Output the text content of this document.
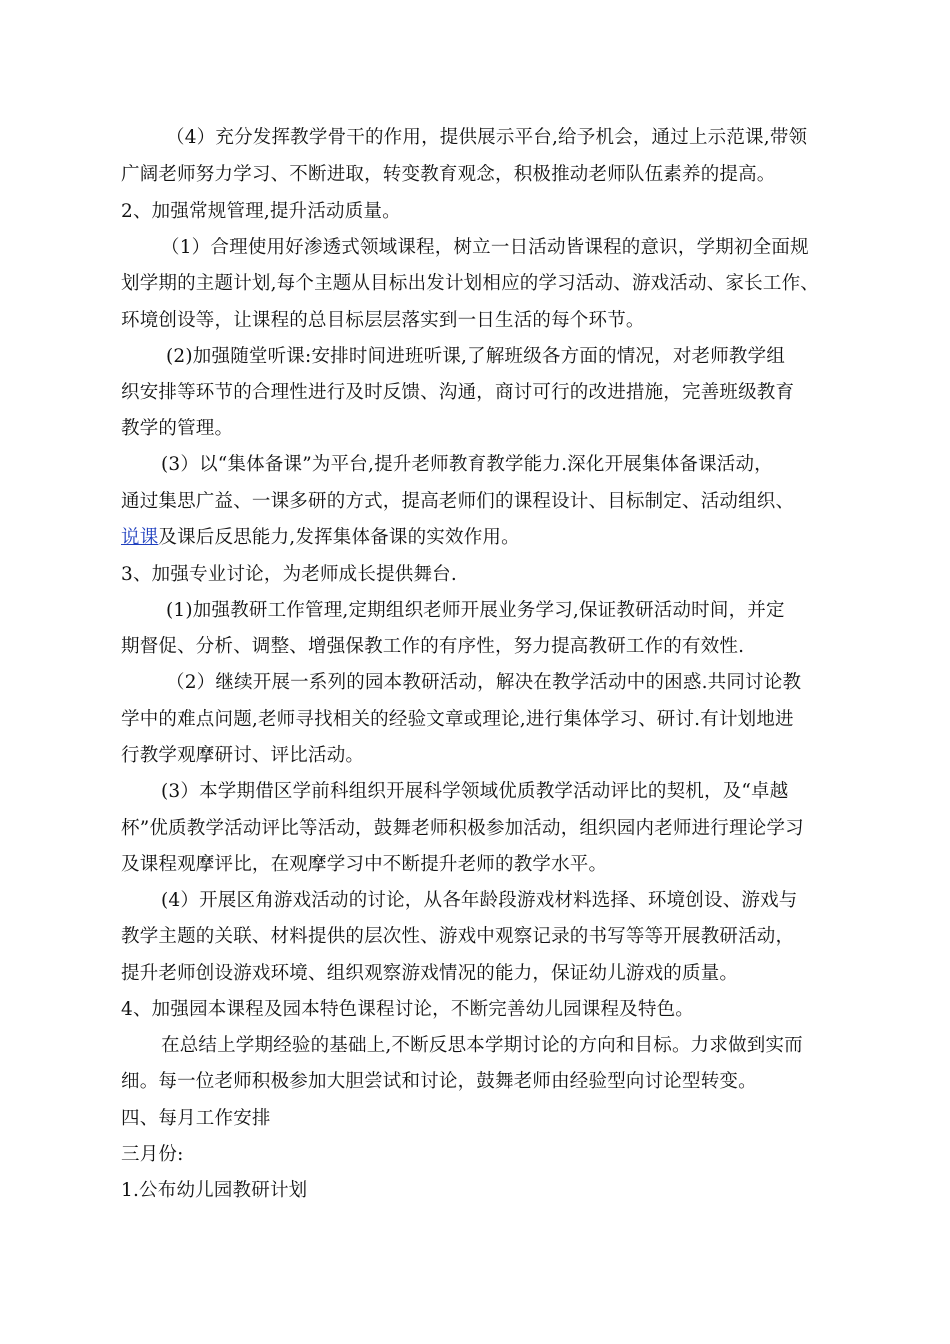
（4）充分发挥教学骨干的作用，提供展示平台,给予机会，通过上示范课,带领
广阔老师努力学习、不断进取，转变教育观念，积极推动老师队伍素养的提高。
2、加强常规管理,提升活动质量。
（1）合理使用好渗透式领域课程，树立一日活动皆课程的意识，学期初全面规
划学期的主题计划,每个主题从目标出发计划相应的学习活动、游戏活动、家长工作、
环境创设等，让课程的总目标层层落实到一日生活的每个环节。
(2)加强随堂听课:安排时间进班听课,了解班级各方面的情况，对老师教学组
织安排等环节的合理性进行及时反馈、沟通，商讨可行的改进措施，完善班级教育
教学的管理。
(3）以“集体备课”为平台,提升老师教育教学能力.深化开展集体备课活动，
通过集思广益、一课多研的方式，提高老师们的课程设计、目标制定、活动组织、
说课及课后反思能力,发挥集体备课的实效作用。
3、加强专业讨论，为老师成长提供舞台.
(1)加强教研工作管理,定期组织老师开展业务学习,保证教研活动时间，并定
期督促、分析、调整、增强保教工作的有序性，努力提高教研工作的有效性.
（2）继续开展一系列的园本教研活动，解决在教学活动中的困惑.共同讨论教
学中的难点问题,老师寻找相关的经验文章或理论,进行集体学习、研讨.有计划地进
行教学观摩研讨、评比活动。
(3）本学期借区学前科组织开展科学领域优质教学活动评比的契机，及“卓越
杯”优质教学活动评比等活动，鼓舞老师积极参加活动，组织园内老师进行理论学习
及课程观摩评比，在观摩学习中不断提升老师的教学水平。
(4）开展区角游戏活动的讨论，从各年龄段游戏材料选择、环境创设、游戏与
教学主题的关联、材料提供的层次性、游戏中观察记录的书写等等开展教研活动，
提升老师创设游戏环境、组织观察游戏情况的能力，保证幼儿游戏的质量。
4、加强园本课程及园本特色课程讨论，不断完善幼儿园课程及特色。
在总结上学期经验的基础上,不断反思本学期讨论的方向和目标。力求做到实而
细。每一位老师积极参加大胆尝试和讨论，鼓舞老师由经验型向讨论型转变。
四、每月工作安排
三月份:
1.公布幼儿园教研计划
